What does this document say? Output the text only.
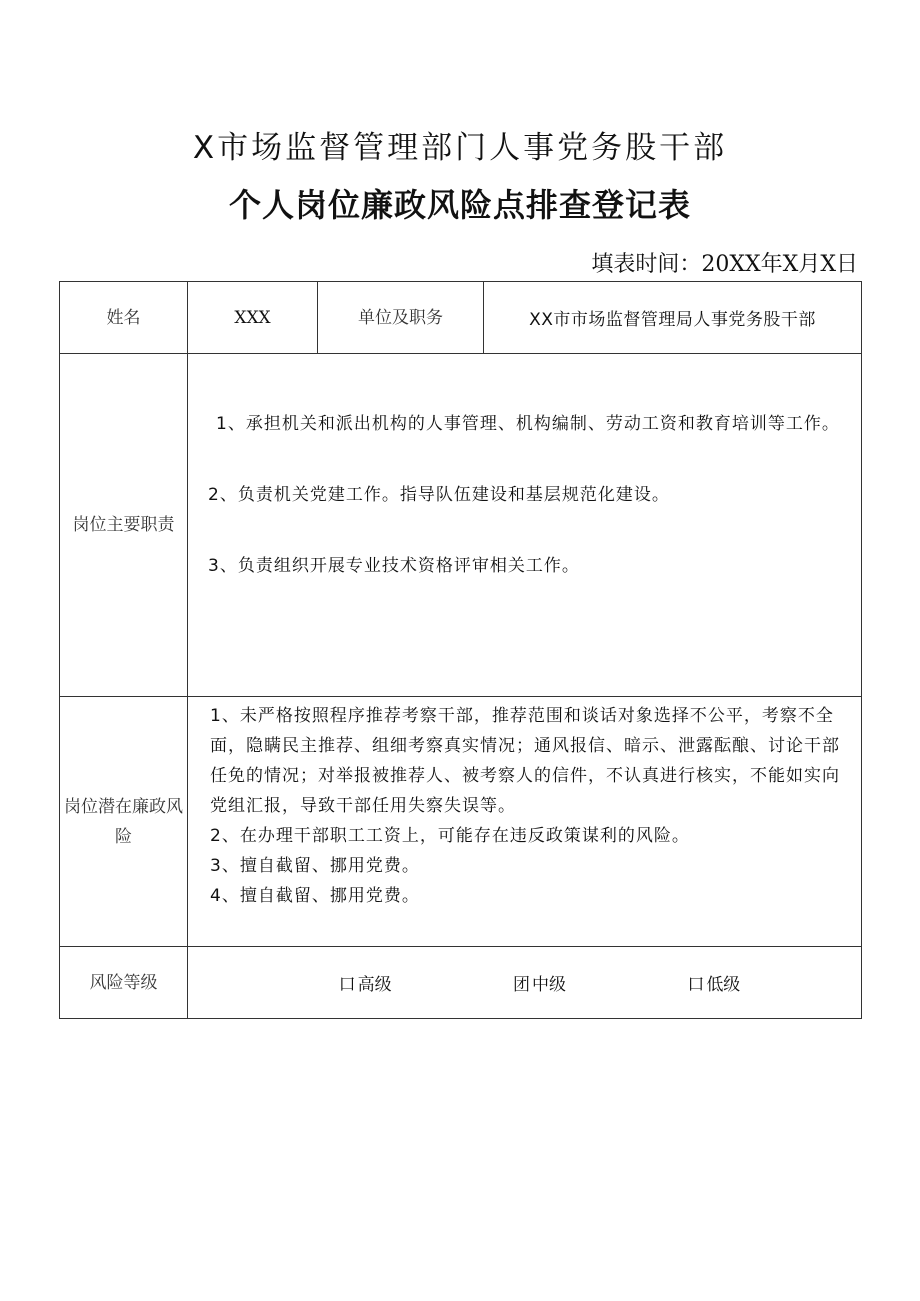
X市场监督管理部门人事党务股干部
个人岗位廉政风险点排查登记表
填表时间：20XX年X月X日
姓名	XXX	单位及职务	XX市市场监督管理局人事党务股干部
岗位主要职责	1、承担机关和派出机构的人事管理、机构编制、劳动工资和教育培训等工作。
2、负责机关党建工作。指导队伍建设和基层规范化建设。
3、负责组织开展专业技术资格评审相关工作。		

岗位潜在廉政风险	1、未严格按照程序推荐考察干部，推荐范围和谈话对象选择不公平，考察不全面，隐瞒民主推荐、组细考察真实情况；通风报信、暗示、泄露酝酿、讨论干部任免的情况；对举报被推荐人、被考察人的信件，不认真进行核实，不能如实向党组汇报，导致干部任用失察失误等。
2、在办理干部职工工资上，可能存在违反政策谋利的风险。
3、擅自截留、挪用党费。
4、擅自截留、挪用党费。		

风险等级	口 高级 团 中级 口 低级		
